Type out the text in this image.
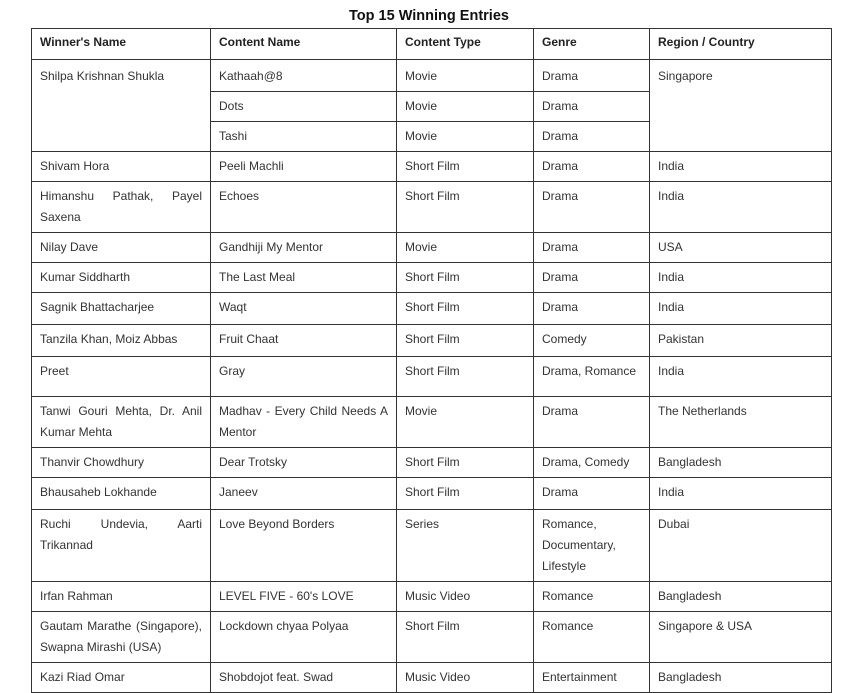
Top 15 Winning Entries
Winner's Name	Content Name	Content Type	Genre	Region / Country
Shilpa Krishnan Shukla	Kathaah@8	Movie	Drama	Singapore
	Dots	Movie	Drama	
	Tashi	Movie	Drama	
Shivam Hora	Peeli Machli	Short Film	Drama	India
Himanshu Pathak, Payel Saxena	Echoes	Short Film	Drama	India
Nilay Dave	Gandhiji My Mentor	Movie	Drama	USA
Kumar Siddharth	The Last Meal	Short Film	Drama	India
Sagnik Bhattacharjee	Waqt	Short Film	Drama	India
Tanzila Khan, Moiz Abbas	Fruit Chaat	Short Film	Comedy	Pakistan
Preet	Gray	Short Film	Drama, Romance	India
Tanwi Gouri Mehta, Dr. Anil Kumar Mehta	Madhav - Every Child Needs A Mentor	Movie	Drama	The Netherlands
Thanvir Chowdhury	Dear Trotsky	Short Film	Drama, Comedy	Bangladesh
Bhausaheb Lokhande	Janeev	Short Film	Drama	India
Ruchi Undevia, Aarti Trikannad	Love Beyond Borders	Series	Romance, Documentary, Lifestyle	Dubai
Irfan Rahman	LEVEL FIVE - 60's LOVE	Music Video	Romance	Bangladesh
Gautam Marathe (Singapore), Swapna Mirashi (USA)	Lockdown chyaa Polyaa	Short Film	Romance	Singapore & USA
Kazi Riad Omar	Shobdojot feat. Swad	Music Video	Entertainment	Bangladesh
